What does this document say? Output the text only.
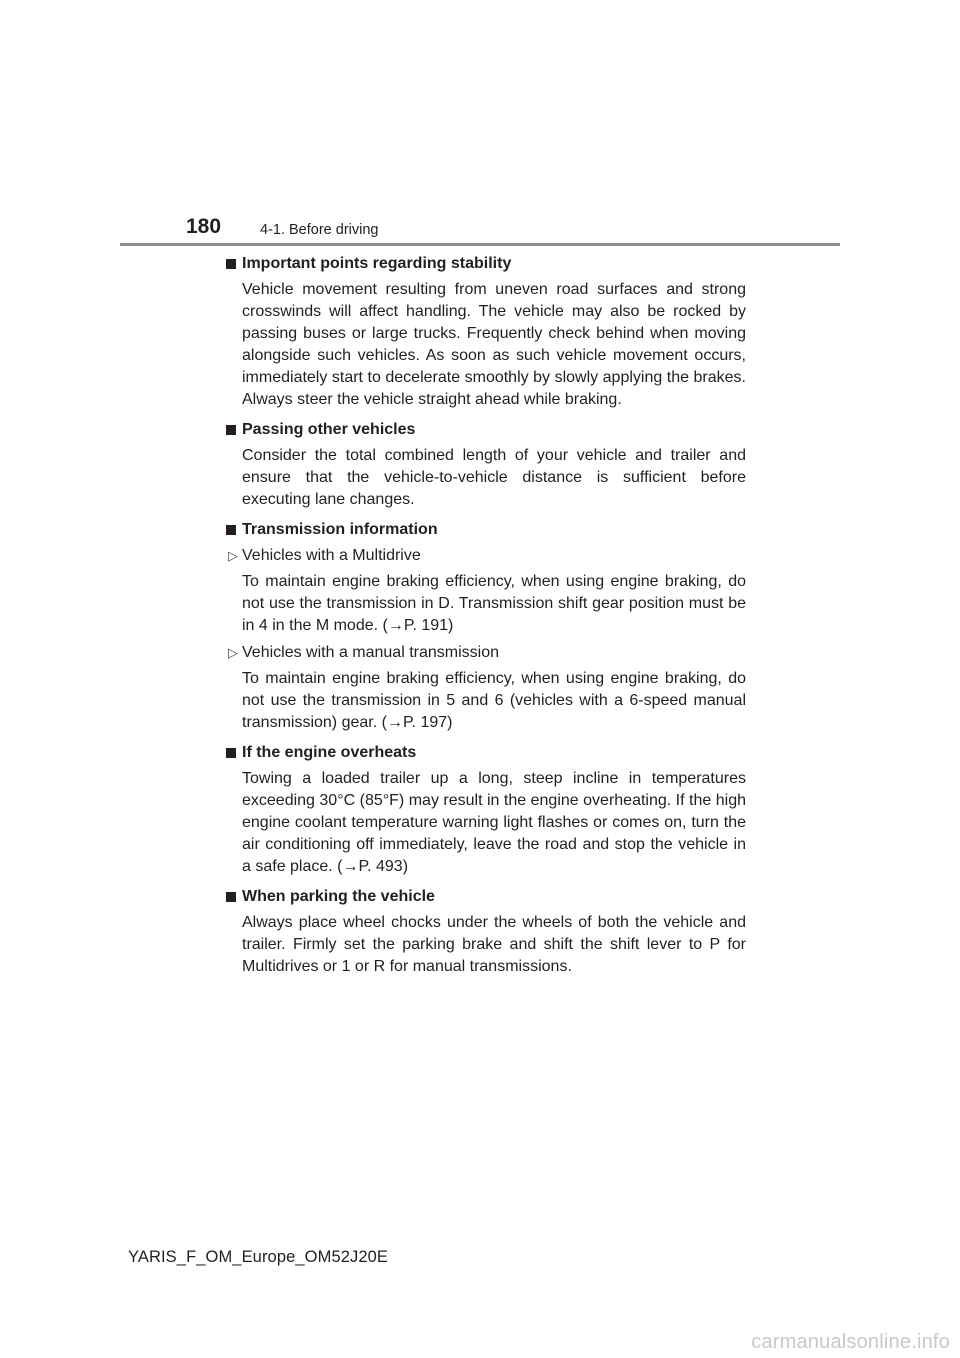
180	4-1. Before driving
Important points regarding stability

Vehicle movement resulting from uneven road surfaces and strong crosswinds will affect handling. The vehicle may also be rocked by passing buses or large trucks. Frequently check behind when moving alongside such vehicles. As soon as such vehicle movement occurs, immediately start to decelerate smoothly by slowly applying the brakes. Always steer the vehicle straight ahead while braking.

Passing other vehicles

Consider the total combined length of your vehicle and trailer and ensure that the vehicle-to-vehicle distance is sufficient before executing lane changes.

Transmission information
▷ Vehicles with a Multidrive

To maintain engine braking efficiency, when using engine braking, do not use the transmission in D. Transmission shift gear position must be in 4 in the M mode. (→P. 191)

▷ Vehicles with a manual transmission

To maintain engine braking efficiency, when using engine braking, do not use the transmission in 5 and 6 (vehicles with a 6-speed manual transmission) gear. (→P. 197)

If the engine overheats

Towing a loaded trailer up a long, steep incline in temperatures exceeding 30°C (85°F) may result in the engine overheating. If the high engine coolant temperature warning light flashes or comes on, turn the air conditioning off immediately, leave the road and stop the vehicle in a safe place. (→P. 493)

When parking the vehicle

Always place wheel chocks under the wheels of both the vehicle and trailer. Firmly set the parking brake and shift the shift lever to P for Multidrives or 1 or R for manual transmissions.

YARIS_F_OM_Europe_OM52J20E
carmanualsonline.info
